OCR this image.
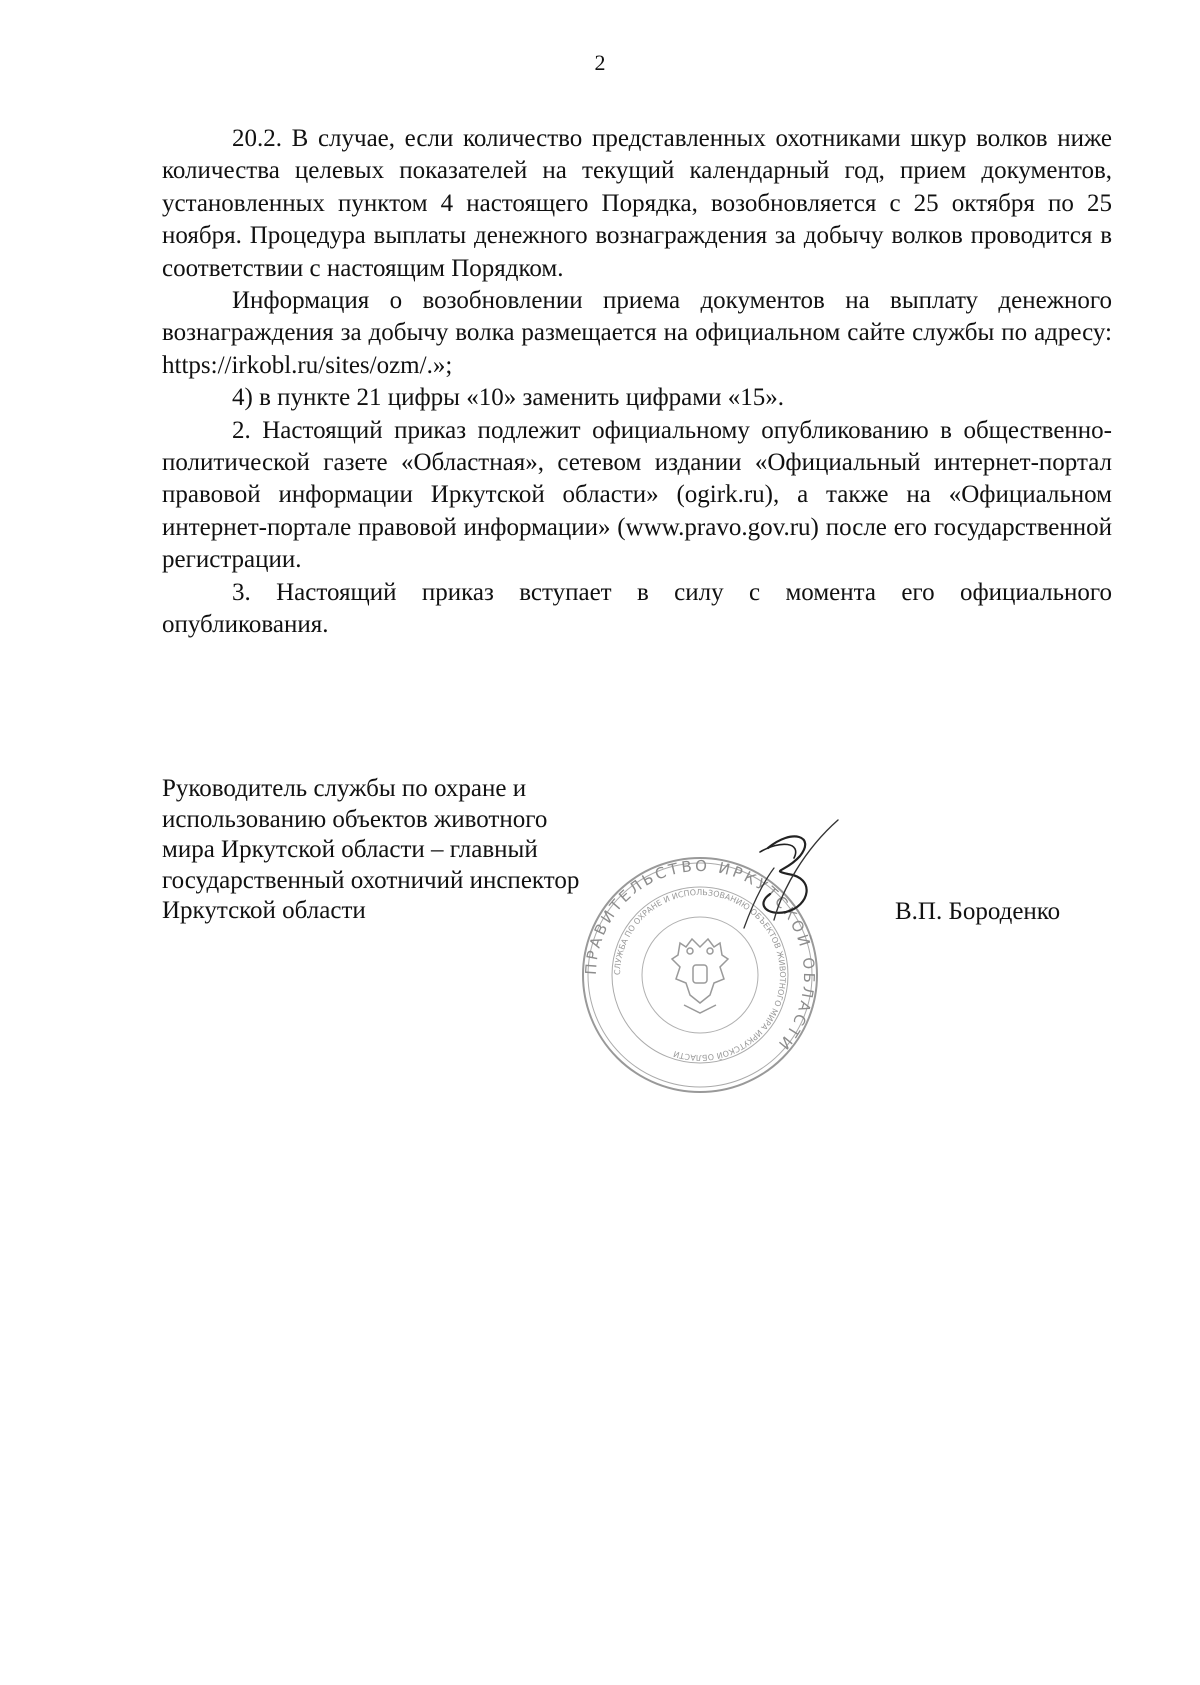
2

20.2. В случае, если количество представленных охотниками шкур волков ниже количества целевых показателей на текущий календарный год, прием документов, установленных пунктом 4 настоящего Порядка, возобновляется с 25 октября по 25 ноября. Процедура выплаты денежного вознаграждения за добычу волков проводится в соответствии с настоящим Порядком.

Информация о возобновлении приема документов на выплату денежного вознаграждения за добычу волка размещается на официальном сайте службы по адресу: https://irkobl.ru/sites/ozm/.»;

4) в пункте 21 цифры «10» заменить цифрами «15».

2. Настоящий приказ подлежит официальному опубликованию в общественно-политической газете «Областная», сетевом издании «Официальный интернет-портал правовой информации Иркутской области» (ogirk.ru), а также на «Официальном интернет-портале правовой информации» (www.pravo.gov.ru) после его государственной регистрации.

3. Настоящий приказ вступает в силу с момента его официального опубликования.

Руководитель службы по охране и
использованию объектов животного
мира Иркутской области – главный
государственный охотничий инспектор
Иркутской области
ПРАВИТЕЛЬСТВО ИРКУТСКОЙ ОБЛАСТИ
СЛУЖБА ПО ОХРАНЕ И ИСПОЛЬЗОВАНИЮ ОБЪЕКТОВ ЖИВОТНОГО МИРА ИРКУТСКОЙ ОБЛАСТИ
В.П. Бороденко
